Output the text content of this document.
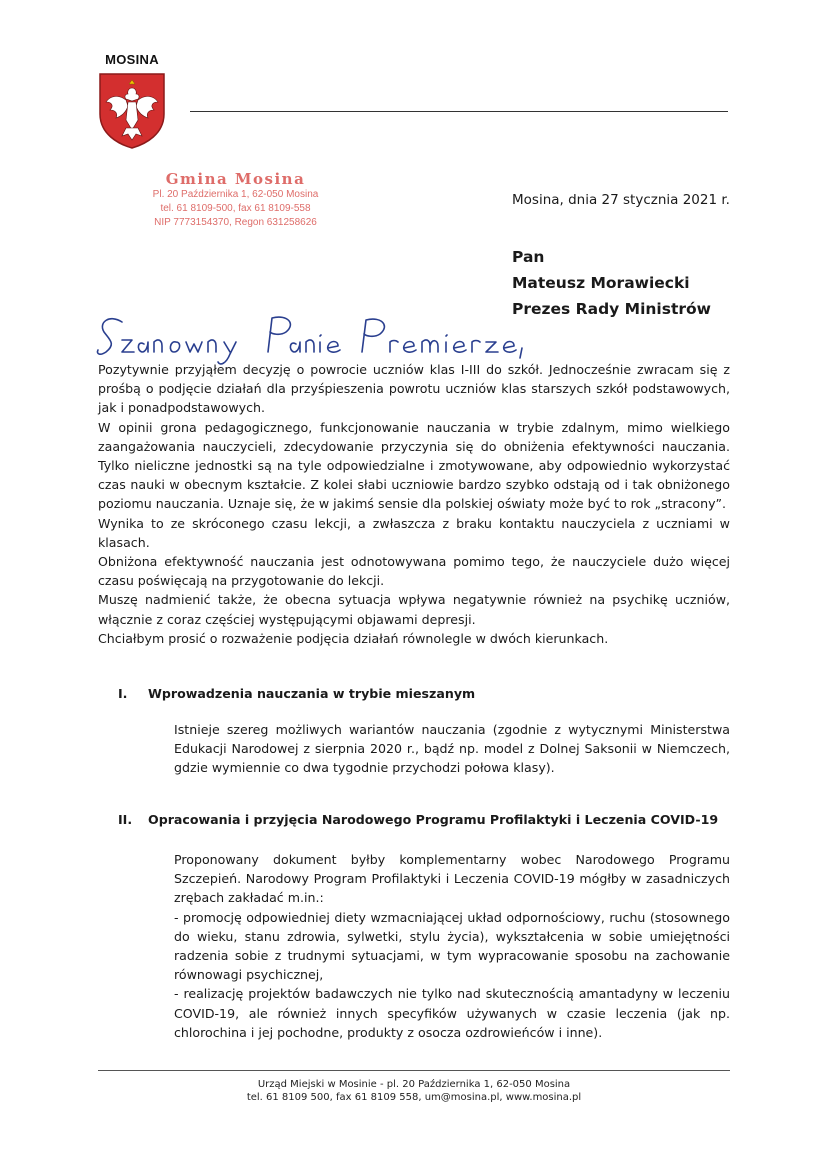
MOSINA
Gmina Mosina
Pl. 20 Października 1, 62-050 Mosina
tel. 61 8109-500, fax 61 8109-558
NIP 7773154370, Regon 631258626
Mosina, dnia 27 stycznia 2021 r.
Pan
Mateusz Morawiecki
Prezes Rady Ministrów

Pozytywnie przyjąłem decyzję o powrocie uczniów klas I-III do szkół. Jednocześnie zwracam się z prośbą o podjęcie działań dla przyśpieszenia powrotu uczniów klas starszych szkół podstawowych, jak i ponadpodstawowych.

W opinii grona pedagogicznego, funkcjonowanie nauczania w trybie zdalnym, mimo wielkiego zaangażowania nauczycieli, zdecydowanie przyczynia się do obniżenia efektywności nauczania. Tylko nieliczne jednostki są na tyle odpowiedzialne i zmotywowane, aby odpowiednio wykorzystać czas nauki w obecnym kształcie. Z kolei słabi uczniowie bardzo szybko odstają od i tak obniżonego poziomu nauczania. Uznaje się, że w jakimś sensie dla polskiej oświaty może być to rok „stracony”.

Wynika to ze skróconego czasu lekcji, a zwłaszcza z braku kontaktu nauczyciela z uczniami w klasach.

Obniżona efektywność nauczania jest odnotowywana pomimo tego, że nauczyciele dużo więcej czasu poświęcają na przygotowanie do lekcji.

Muszę nadmienić także, że obecna sytuacja wpływa negatywnie również na psychikę uczniów, włącznie z coraz częściej występującymi objawami depresji.

Chciałbym prosić o rozważenie podjęcia działań równolegle w dwóch kierunkach.

I. Wprowadzenia nauczania w trybie mieszanym

Istnieje szereg możliwych wariantów nauczania (zgodnie z wytycznymi Ministerstwa Edukacji Narodowej z sierpnia 2020 r., bądź np. model z Dolnej Saksonii w Niemczech, gdzie wymiennie co dwa tygodnie przychodzi połowa klasy).

II. Opracowania i przyjęcia Narodowego Programu Profilaktyki i Leczenia COVID-19

Proponowany dokument byłby komplementarny wobec Narodowego Programu Szczepień. Narodowy Program Profilaktyki i Leczenia COVID-19 mógłby w zasadniczych zrębach zakładać m.in.:

- promocję odpowiedniej diety wzmacniającej układ odpornościowy, ruchu (stosownego do wieku, stanu zdrowia, sylwetki, stylu życia), wykształcenia w sobie umiejętności radzenia sobie z trudnymi sytuacjami, w tym wypracowanie sposobu na zachowanie równowagi psychicznej,

- realizację projektów badawczych nie tylko nad skutecznością amantadyny w leczeniu COVID-19, ale również innych specyfików używanych w czasie leczenia (jak np. chlorochina i jej pochodne, produkty z osocza ozdrowieńców i inne).

Urząd Miejski w Mosinie - pl. 20 Października 1, 62-050 Mosina
tel. 61 8109 500, fax 61 8109 558, um@mosina.pl, www.mosina.pl
